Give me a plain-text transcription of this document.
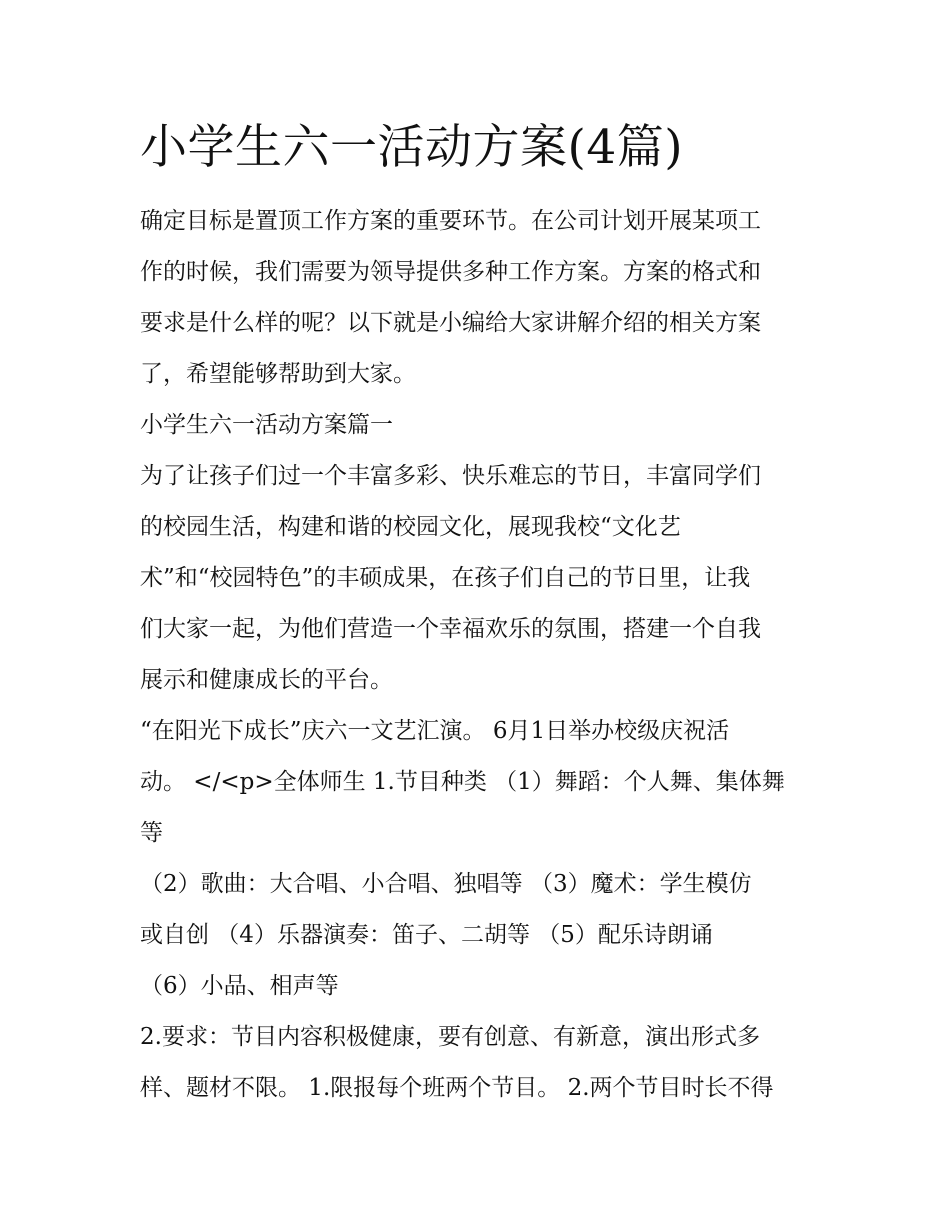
小学生六一活动方案(4篇)
确定目标是置顶工作方案的重要环节。在公司计划开展某项工
作的时候，我们需要为领导提供多种工作方案。方案的格式和
要求是什么样的呢？以下就是小编给大家讲解介绍的相关方案
了，希望能够帮助到大家。
小学生六一活动方案篇一
为了让孩子们过一个丰富多彩、快乐难忘的节日，丰富同学们
的校园生活，构建和谐的校园文化，展现我校“文化艺
术”和“校园特色”的丰硕成果，在孩子们自己的节日里，让我
们大家一起，为他们营造一个幸福欢乐的氛围，搭建一个自我
展示和健康成长的平台。
“在阳光下成长”庆六一文艺汇演。 6月1日举办校级庆祝活
动。 </<p>全体师生 1.节目种类 （1）舞蹈：个人舞、集体舞
等
（2）歌曲：大合唱、小合唱、独唱等 （3）魔术：学生模仿
或自创 （4）乐器演奏：笛子、二胡等 （5）配乐诗朗诵
（6）小品、相声等
2.要求：节目内容积极健康，要有创意、有新意，演出形式多
样、题材不限。 1.限报每个班两个节目。 2.两个节目时长不得
